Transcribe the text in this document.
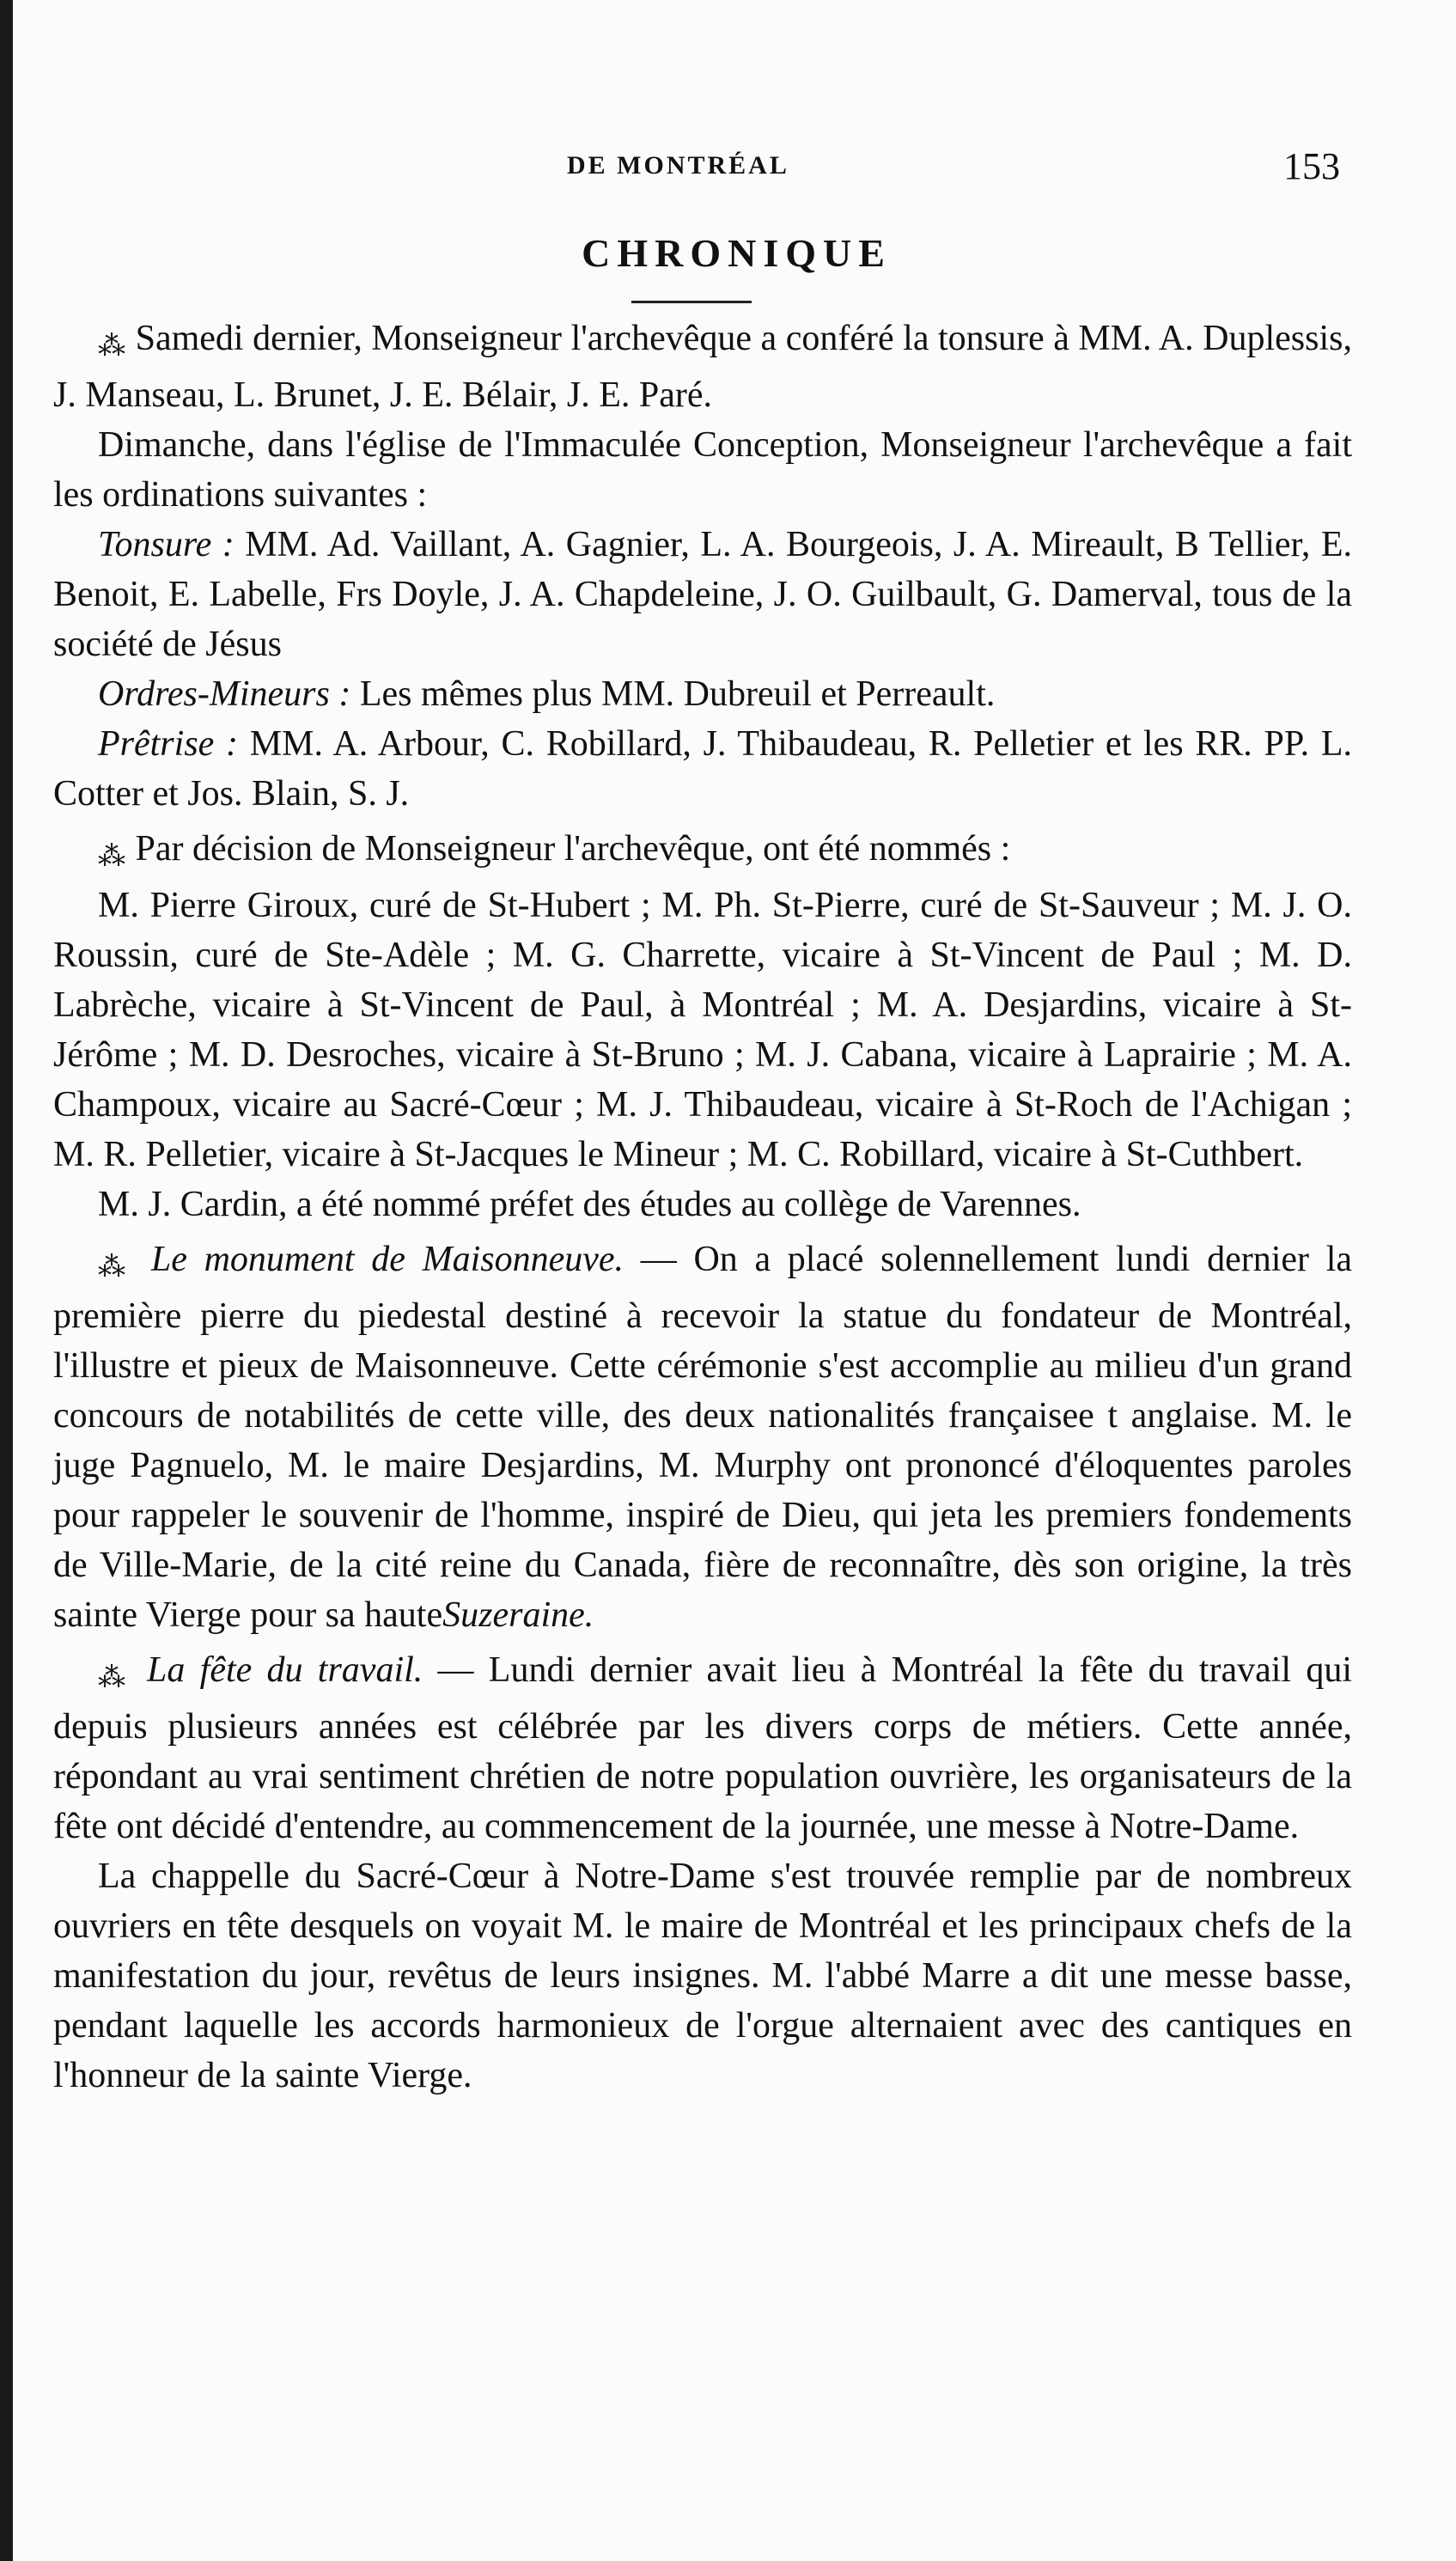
DE MONTRÉAL	153
CHRONIQUE

⁂ Samedi dernier, Monseigneur l'archevêque a conféré la tonsure à MM. A. Duplessis, J. Manseau, L. Brunet, J. E. Bélair, J. E. Paré.

Dimanche, dans l'église de l'Immaculée Conception, Monseigneur l'archevêque a fait les ordinations suivantes :

Tonsure : MM. Ad. Vaillant, A. Gagnier, L. A. Bourgeois, J. A. Mireault, B Tellier, E. Benoit, E. Labelle, Frs Doyle, J. A. Chapdeleine, J. O. Guilbault, G. Damerval, tous de la société de Jésus

Ordres-Mineurs : Les mêmes plus MM. Dubreuil et Perreault.

Prêtrise : MM. A. Arbour, C. Robillard, J. Thibaudeau, R. Pelletier et les RR. PP. L. Cotter et Jos. Blain, S. J.

⁂ Par décision de Monseigneur l'archevêque, ont été nommés :

M. Pierre Giroux, curé de St-Hubert ; M. Ph. St-Pierre, curé de St-Sauveur ; M. J. O. Roussin, curé de Ste-Adèle ; M. G. Charrette, vicaire à St-Vincent de Paul ; M. D. Labrèche, vicaire à St-Vincent de Paul, à Montréal ; M. A. Desjardins, vicaire à St-Jérôme ; M. D. Desroches, vicaire à St-Bruno ; M. J. Cabana, vicaire à Laprairie ; M. A. Champoux, vicaire au Sacré-Cœur ; M. J. Thibaudeau, vicaire à St-Roch de l'Achigan ; M. R. Pelletier, vicaire à St-Jacques le Mineur ; M. C. Robillard, vicaire à St-Cuthbert.

M. J. Cardin, a été nommé préfet des études au collège de Varennes.

⁂ Le monument de Maisonneuve. — On a placé solennellement lundi dernier la première pierre du piedestal destiné à recevoir la statue du fondateur de Montréal, l'illustre et pieux de Maisonneuve. Cette cérémonie s'est accomplie au milieu d'un grand concours de notabilités de cette ville, des deux nationalités françaisee t anglaise. M. le juge Pagnuelo, M. le maire Desjardins, M. Murphy ont prononcé d'éloquentes paroles pour rappeler le souvenir de l'homme, inspiré de Dieu, qui jeta les premiers fondements de Ville-Marie, de la cité reine du Canada, fière de reconnaître, dès son origine, la très sainte Vierge pour sa hauteSuzeraine.

⁂ La fête du travail. — Lundi dernier avait lieu à Montréal la fête du travail qui depuis plusieurs années est célébrée par les divers corps de métiers. Cette année, répondant au vrai sentiment chrétien de notre population ouvrière, les organisateurs de la fête ont décidé d'entendre, au commencement de la journée, une messe à Notre-Dame.

La chappelle du Sacré-Cœur à Notre-Dame s'est trouvée remplie par de nombreux ouvriers en tête desquels on voyait M. le maire de Montréal et les principaux chefs de la manifestation du jour, revêtus de leurs insignes. M. l'abbé Marre a dit une messe basse, pendant laquelle les accords harmonieux de l'orgue alternaient avec des cantiques en l'honneur de la sainte Vierge.
